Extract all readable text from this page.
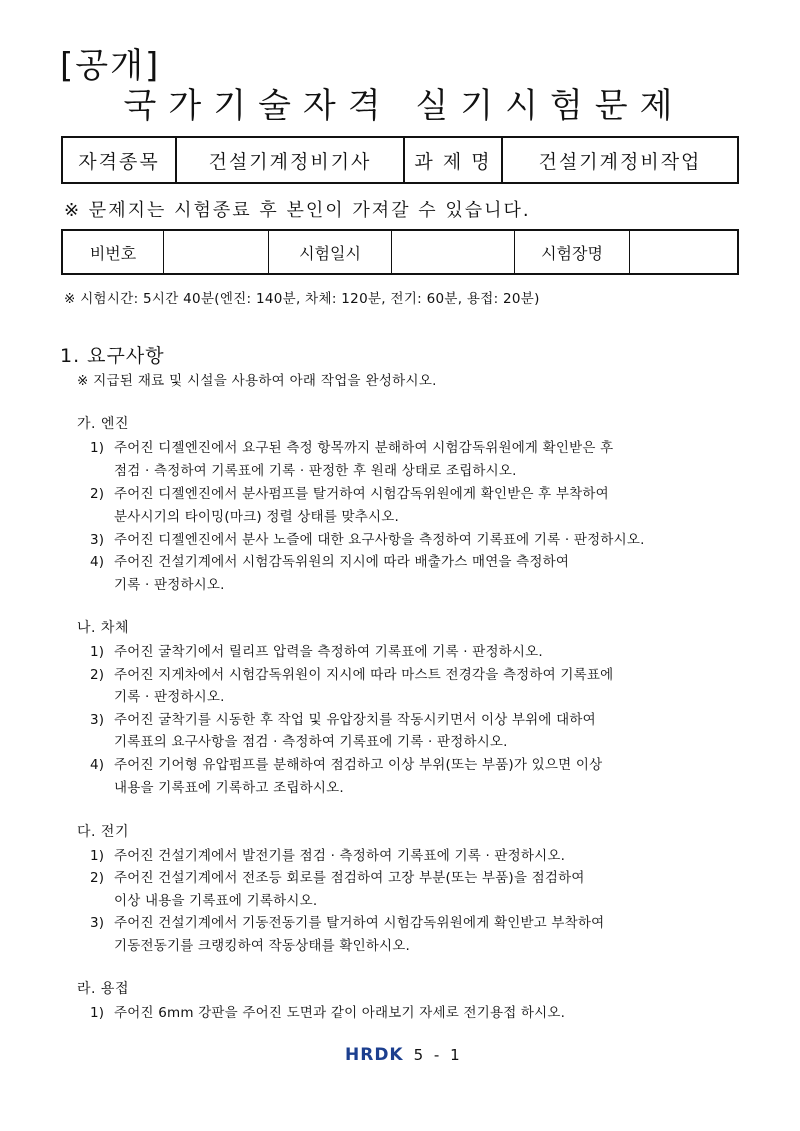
[공개]
국가기술자격 실기시험문제
자격종목	건설기계정비기사	과 제 명	건설기계정비작업
※ 문제지는 시험종료 후 본인이 가져갈 수 있습니다.
비번호		시험일시		시험장명	
※ 시험시간: 5시간 40분(엔진: 140분, 차체: 120분, 전기: 60분, 용접: 20분)
1. 요구사항
※ 지급된 재료 및 시설을 사용하여 아래 작업을 완성하시오.
가. 엔진
1) 주어진 디젤엔진에서 요구된 측정 항목까지 분해하여 시험감독위원에게 확인받은 후
점검 · 측정하여 기록표에 기록 · 판정한 후 원래 상태로 조립하시오.
2) 주어진 디젤엔진에서 분사펌프를 탈거하여 시험감독위원에게 확인받은 후 부착하여
분사시기의 타이밍(마크) 정렬 상태를 맞추시오.
3) 주어진 디젤엔진에서 분사 노즐에 대한 요구사항을 측정하여 기록표에 기록 · 판정하시오.
4) 주어진 건설기계에서 시험감독위원의 지시에 따라 배출가스 매연을 측정하여
기록 · 판정하시오.
나. 차체
1) 주어진 굴착기에서 릴리프 압력을 측정하여 기록표에 기록 · 판정하시오.
2) 주어진 지게차에서 시험감독위원이 지시에 따라 마스트 전경각을 측정하여 기록표에
기록 · 판정하시오.
3) 주어진 굴착기를 시동한 후 작업 및 유압장치를 작동시키면서 이상 부위에 대하여
기록표의 요구사항을 점검 · 측정하여 기록표에 기록 · 판정하시오.
4) 주어진 기어형 유압펌프를 분해하여 점검하고 이상 부위(또는 부품)가 있으면 이상
내용을 기록표에 기록하고 조립하시오.
다. 전기
1) 주어진 건설기계에서 발전기를 점검 · 측정하여 기록표에 기록 · 판정하시오.
2) 주어진 건설기계에서 전조등 회로를 점검하여 고장 부분(또는 부품)을 점검하여
이상 내용을 기록표에 기록하시오.
3) 주어진 건설기계에서 기동전동기를 탈거하여 시험감독위원에게 확인받고 부착하여
기동전동기를 크랭킹하여 작동상태를 확인하시오.
라. 용접
1) 주어진 6mm 강판을 주어진 도면과 같이 아래보기 자세로 전기용접 하시오.
HRDK 5 - 1
